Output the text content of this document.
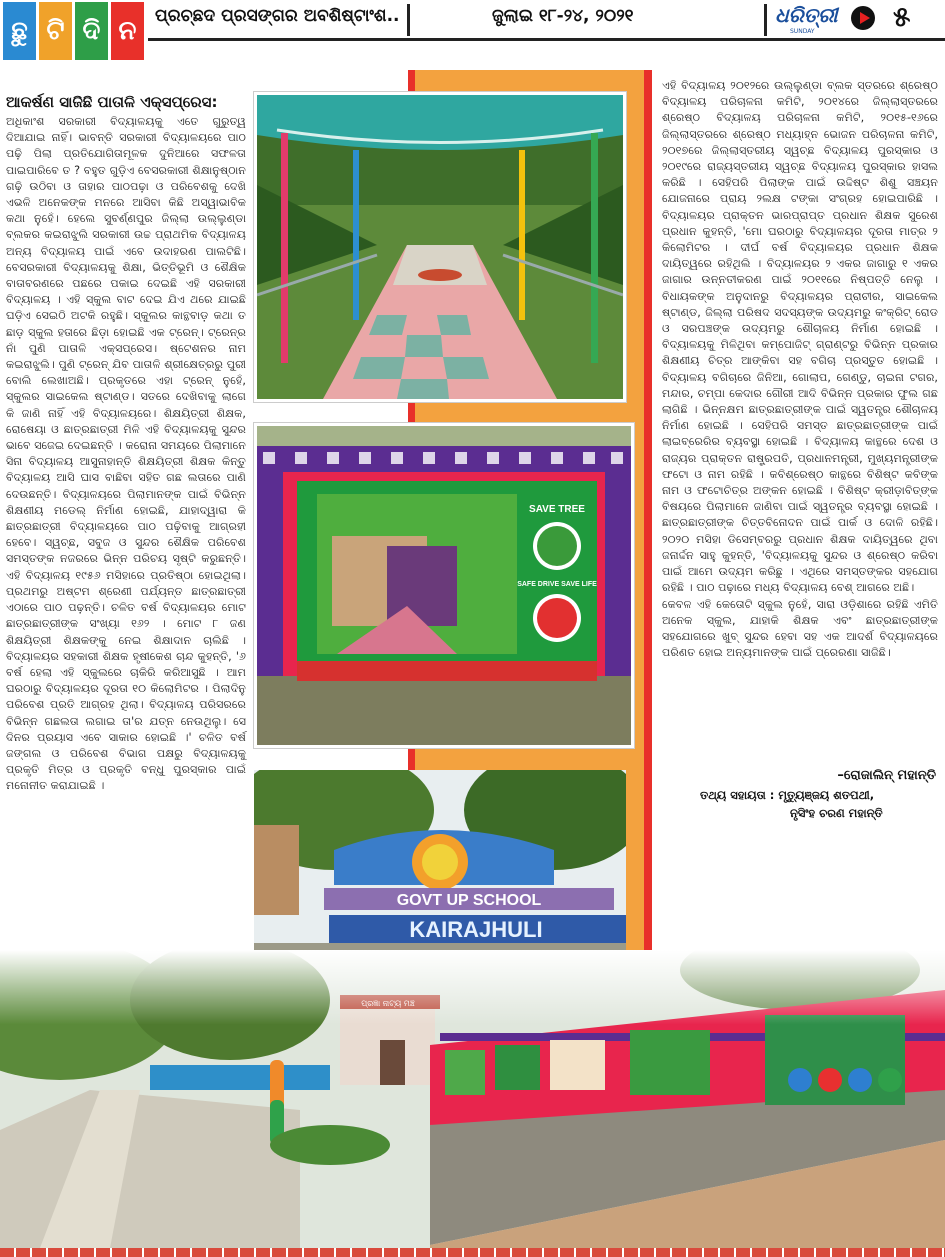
ଛୁ ଟି ଦି ନ	ପ୍ରଚ୍ଛଦ ପ୍ରସଙ୍ଗର ଅବଶିଷ୍ଟାଂଶ..	ଜୁଲାଇ ୧୮-୨୪, ୨୦୨୧	ଧରିତ୍ରୀ
SUNDAY	୫
ଆକର୍ଷଣ ସାଜିଛି ପାତାଳି ଏକ୍ସପ୍ରେସ:
ଅଧିକାଂଶ ସରକାରୀ ବିଦ୍ୟାଳୟକୁ ଏତେ ଗୁରୁତ୍ୱ ଦିଆଯାଇ ନାହିଁ। ଭାବନ୍ତି ସରକାରୀ ବିଦ୍ୟାଳୟରେ ପାଠ ପଢ଼ି ପିଲା ପ୍ରତିଯୋଗିତାମୂଳକ ଦୁନିଆରେ ସଫଳତା ପାଇପାରିବେ ତ ? ବହୁତ ଗୁଡ଼ିଏ ବେସରକାରୀ ଶିକ୍ଷାନୁଷ୍ଠାନ ଗଢ଼ି ଉଠିବା ଓ ତାହାର ପାଠପଢ଼ା ଓ ପରିବେଶକୁ ଦେଖି ଏଭଳି ଅନେକଙ୍କ ମନରେ ଆସିବା କିଛି ଅସ୍ୱାଭାବିକ କଥା ନୁହେଁ। ହେଲେ ସୁବର୍ଣ୍ଣପୁର ଜିଲ୍ଲା ଉଲ୍ଲୁଣ୍ଡା ବ୍ଲକର କଇରାଝୁଲି ସରକାରୀ ଉଚ୍ଚ ପ୍ରାଥମିକ ବିଦ୍ୟାଳୟ ଅନ୍ୟ ବିଦ୍ୟାଳୟ ପାଇଁ ଏବେ ଉଦାହରଣ ପାଲଟିଛି। ବେସରକାରୀ ବିଦ୍ୟାଳୟକୁ ଶିକ୍ଷା, ଭିତ୍ତିଭୂମି ଓ ଶୈକ୍ଷିକ ବାତାବରଣରେ ପଛରେ ପକାଇ ଦେଇଛି ଏହି ସରକାରୀ ବିଦ୍ୟାଳୟ । ଏହି ସ୍କୁଲ ବାଟ ଦେଇ ଯିଏ ଥରେ ଯାଇଛି ଘଡ଼ିଏ ସେଇଠି ଅଟକି ରହୁଛି। ସ୍କୁଲର କାନ୍ଥବାଡ଼ କଥା ତ ଛାଡ଼ ସ୍କୁଲ ହତାରେ ଛିଡ଼ା ହୋଇଛି ଏକ ଟ୍ରେନ୍। ଟ୍ରେନ୍‌ର ନାଁ ପୁଣି ପାତାଳି ଏକ୍ସପ୍ରେସ। ଷ୍ଟେଶନର ନାମ କଇରାଝୁଲି। ପୁଣି ଟ୍ରେନ୍ ଯିବ ପାତାଳି ଶ୍ରୀକ୍ଷେତ୍ରରୁ ପୁରୀ ବୋଲି ଲେଖାଅଛି। ପ୍ରକୃତରେ ଏହା ଟ୍ରେନ୍ ନୁହେଁ, ସ୍କୁଲର ସାଇକେଲ ଷ୍ଟାଣ୍ଡ। ସତରେ ଦେଖିବାକୁ ଲାଗେ କି ଜାଣି ନାହିଁ ଏହି ବିଦ୍ୟାଳୟରେ। ଶିକ୍ଷୟିତ୍ରୀ ଶିକ୍ଷକ, ରୋଷେୟା ଓ ଛାତ୍ରଛାତ୍ରୀ ମିଳି ଏହି ବିଦ୍ୟାଳୟକୁ ସୁନ୍ଦର ଭାବେ ସଜେଇ ଦେଇଛନ୍ତି । କରୋନା ସମୟରେ ପିଲାମାନେ ସିନା ବିଦ୍ୟାଳୟ ଆସୁନାହାନ୍ତି ଶିକ୍ଷୟିତ୍ରୀ ଶିକ୍ଷକ କିନ୍ତୁ ବିଦ୍ୟାଳୟ ଆସି ଘାସ ବାଛିବା ସହିତ ଗଛ ଲତାରେ ପାଣି ଦେଉଛନ୍ତି। ବିଦ୍ୟାଳୟରେ ପିଲାମାନଙ୍କ ପାଇଁ ବିଭିନ୍ନ ଶିକ୍ଷଣୀୟ ମଡେଲ୍ ନିର୍ମାଣ ହୋଇଛି, ଯାହାଦ୍ୱାରା କି ଛାତ୍ରଛାତ୍ରୀ ବିଦ୍ୟାଳୟରେ ପାଠ ପଢ଼ିବାକୁ ଆଗ୍ରହୀ ହେବେ। ସ୍ୱଚ୍ଛ, ସବୁଜ ଓ ସୁନ୍ଦର ଶୈକ୍ଷିକ ପରିବେଶ ସମସ୍ତଙ୍କ ନଜରରେ ଭିନ୍ନ ପରିଚୟ ସୃଷ୍ଟି କରୁଛନ୍ତି। ଏହି ବିଦ୍ୟାଳୟ ୧୯୫୬ ମସିହାରେ ପ୍ରତିଷ୍ଠା ହୋଇଥିଲା। ପ୍ରଥମରୁ ଅଷ୍ଟମ ଶ୍ରେଣୀ ପର୍ଯ୍ୟନ୍ତ ଛାତ୍ରଛାତ୍ରୀ ଏଠାରେ ପାଠ ପଢ଼ନ୍ତି। ଚଳିତ ବର୍ଷ ବିଦ୍ୟାଳୟର ମୋଟ ଛାତ୍ରଛାତ୍ରୀଙ୍କ ସଂଖ୍ୟା ୧୬୨ । ମୋଟ ୮ ଜଣ ଶିକ୍ଷୟିତ୍ରୀ ଶିକ୍ଷକଙ୍କୁ ନେଇ ଶିକ୍ଷାଦାନ ଚାଲିଛି । ବିଦ୍ୟାଳୟର ସହକାରୀ ଶିକ୍ଷକ ହୃଷୀକେଶ ଚାନ୍ଦ କୁହନ୍ତି, '୬ ବର୍ଷ ହେଲା ଏହି ସ୍କୁଲରେ ଚାକିରି କରିଆସୁଛି । ଆମ ଘରଠାରୁ ବିଦ୍ୟାଳୟର ଦୂରତା ୧୦ କିଲୋମିଟର । ପିଲାଦିନୁ ପରିବେଶ ପ୍ରତି ଆଗ୍ରହ ଥିଲା। ବିଦ୍ୟାଳୟ ପରିସରରେ ବିଭିନ୍ନ ଗଛଲତା ଲଗାଇ ତା'ର ଯତ୍ନ ନେଉଥିଲୁ। ସେ ଦିନର ପ୍ରୟାସ ଏବେ ସାକାର ହୋଇଛି ।' ଚଳିତ ବର୍ଷ ଜଙ୍ଗଲ ଓ ପରିବେଶ ବିଭାଗ ପକ୍ଷରୁ ବିଦ୍ୟାଳୟକୁ ପ୍ରକୃତି ମିତ୍ର ଓ ପ୍ରକୃତି ବନ୍ଧୁ ପୁରସ୍କାର ପାଇଁ ମନୋନୀତ କରାଯାଇଛି ।
ଏହି ବିଦ୍ୟାଳୟ ୨୦୧୨ରେ ଉଲ୍ଲୁଣ୍ଡା ବ୍ଲକ ସ୍ତରରେ ଶ୍ରେଷ୍ଠ ବିଦ୍ୟାଳୟ ପରିଚାଳନା କମିଟି, ୨୦୧୪ରେ ଜିଲ୍ଲାସ୍ତରରେ ଶ୍ରେଷ୍ଠ ବିଦ୍ୟାଳୟ ପରିଚାଳନା କମିଟି, ୨୦୧୫-୧୬ରେ ଜିଲ୍ଲାସ୍ତରରେ ଶ୍ରେଷ୍ଠ ମଧ୍ୟାହ୍ନ ଭୋଜନ ପରିଚାଳନା କମିଟି, ୨୦୧୭ରେ ଜିଲ୍ଲାସ୍ତରୀୟ ସ୍ୱଚ୍ଛ ବିଦ୍ୟାଳୟ ପୁରସ୍କାର ଓ ୨୦୧୯ରେ ରାଜ୍ୟସ୍ତରୀୟ ସ୍ୱଚ୍ଛ ବିଦ୍ୟାଳୟ ପୁରସ୍କାର ହାସଲ କରିଛି । ସେହିପରି ପିଲାଙ୍କ ପାଇଁ ଉଦ୍ଦିଷ୍ଟ ଶିଶୁ ସଞ୍ଚୟନ ଯୋଜନାରେ ପ୍ରାୟ ୨ଲକ୍ଷ ଟଙ୍କା ସଂଗ୍ରହ ହୋଇପାରିଛି । ବିଦ୍ୟାଳୟର ପ୍ରାକ୍ତନ ଭାରପ୍ରାପ୍ତ ପ୍ରଧାନ ଶିକ୍ଷକ ସୁରେଶ ପ୍ରଧାନ କୁହନ୍ତି, 'ମୋ ଘରଠାରୁ ବିଦ୍ୟାଳୟର ଦୂରତା ମାତ୍ର ୨ କିଲୋମିଟର । ଦୀର୍ଘ ବର୍ଷ ବିଦ୍ୟାଳୟର ପ୍ରଧାନ ଶିକ୍ଷକ ଦାୟିତ୍ୱରେ ରହିଥିଲି । ବିଦ୍ୟାଳୟର ୨ ଏକର ଜାଗାରୁ ୧ ଏକର ଜାଗାର ଉନ୍ନତୀକରଣ ପାଇଁ ୨୦୧୧ରେ ନିଷ୍ପତ୍ତି ନେଲୁ । ବିଧାୟକଙ୍କ ଅନୁଦାନରୁ ବିଦ୍ୟାଳୟର ପ୍ରାଚୀର, ସାଇକେଲ ଷ୍ଟାଣ୍ଡ, ଜିଲ୍ଲା ପରିଷଦ ସଦସ୍ୟଙ୍କ ଉଦ୍ୟମରୁ କଂକ୍ରିଟ୍ ରୋଡ ଓ ସରପଞ୍ଚଙ୍କ ଉଦ୍ୟମରୁ ଶୌଚାଳୟ ନିର୍ମାଣ ହୋଇଛି । ବିଦ୍ୟାଳୟକୁ ମିଳିଥିବା କମ୍ପୋଜିଟ୍ ଗ୍ରାଣ୍ଟରୁ ବିଭିନ୍ନ ପ୍ରକାର ଶିକ୍ଷଣୀୟ ଚିତ୍ର ଆଙ୍କିବା ସହ ବଗିଚା ପ୍ରସ୍ତୁତ ହୋଇଛି । ବିଦ୍ୟାଳୟ ବଗିଚାରେ ଜିନିଆ, ଗୋଲାପ, ଗେଣ୍ଡୁ, ଚାଇନା ଟଗର, ମନ୍ଦାର, ଚମ୍ପା କେଦାର ଗୌରୀ ଆଦି ବିଭିନ୍ନ ପ୍ରକାର ଫୁଲ ଗଛ ଲାଗିଛି । ଭିନ୍ନକ୍ଷମ ଛାତ୍ରଛାତ୍ରୀଙ୍କ ପାଇଁ ସ୍ୱତନ୍ତ୍ର ଶୌଚାଳୟ ନିର୍ମାଣ ହୋଇଛି । ସେହିପରି ସମସ୍ତ ଛାତ୍ରଛାତ୍ରୀଙ୍କ ପାଇଁ ଲାଇବ୍ରେରିର ବ୍ୟବସ୍ଥା ହୋଇଛି । ବିଦ୍ୟାଳୟ କାନ୍ଥରେ ଦେଶ ଓ ରାଜ୍ୟର ପ୍ରାକ୍ତନ ରାଷ୍ଟ୍ରପତି, ପ୍ରଧାନମନ୍ତ୍ରୀ, ମୁଖ୍ୟମନ୍ତ୍ରୀଙ୍କ ଫଟୋ ଓ ନାମ ରହିଛି । କବିଶ୍ରେଷ୍ଠ କାନ୍ଥରେ ବିଶିଷ୍ଟ କବିଙ୍କ ନାମ ଓ ଫଟୋଚିତ୍ର ଅଙ୍କନ ହୋଇଛି । ବିଶିଷ୍ଟ କ୍ରୀଡ଼ାବିତ୍‌ଙ୍କ ବିଷୟରେ ପିଲାମାନେ ଜାଣିବା ପାଇଁ ସ୍ୱତନ୍ତ୍ର ବ୍ୟବସ୍ଥା ହୋଇଛି । ଛାତ୍ରଛାତ୍ରୀଙ୍କ ଚିତ୍ତବିନୋଦନ ପାଇଁ ପାର୍କ ଓ ଦୋଳି ରହିଛି। ୨୦୨୦ ମସିହା ଡିସେମ୍ବରରୁ ପ୍ରଧାନ ଶିକ୍ଷକ ଦାୟିତ୍ୱରେ ଥିବା ଜନାର୍ଦ୍ଦନ ସାହୁ କୁହନ୍ତି, 'ବିଦ୍ୟାଳୟକୁ ସୁନ୍ଦର ଓ ଶ୍ରେଷ୍ଠ କରିବା ପାଇଁ ଆମେ ଉଦ୍ୟମ କରିଛୁ । ଏଥିରେ ସମସ୍ତଙ୍କର ସହଯୋଗ ରହିଛି । ପାଠ ପଢ଼ାରେ ମଧ୍ୟ ବିଦ୍ୟାଳୟ ବେଶ୍ ଆଗରେ ଅଛି।
କେବଳ ଏହି କେତୋଟି ସ୍କୁଲ ନୁହେଁ, ସାରା ଓଡ଼ିଶାରେ ରହିଛି ଏମିତି ଅନେକ ସ୍କୁଲ, ଯାହାକି ଶିକ୍ଷକ ଏବଂ ଛାତ୍ରଛାତ୍ରୀଙ୍କ ସହଯୋଗରେ ଖୁବ୍ ସୁନ୍ଦର ହେବା ସହ ଏକ ଆଦର୍ଶ ବିଦ୍ୟାଳୟରେ ପରିଣତ ହୋଇ ଅନ୍ୟମାନଙ୍କ ପାଇଁ ପ୍ରେରଣା ସାଜିଛି।
–ରୋଜାଲିନ୍ ମହାନ୍ତି
ତଥ୍ୟ ସହାୟତା : ମୃତ୍ୟୁଞ୍ଜୟ ଶତପଥୀ,
ନୃସିଂହ ଚରଣ ମହାନ୍ତି
SAVE TREE
SAFE DRIVE SAVE LIFE
GOVT UP SCHOOL
KAIRAJHULI
